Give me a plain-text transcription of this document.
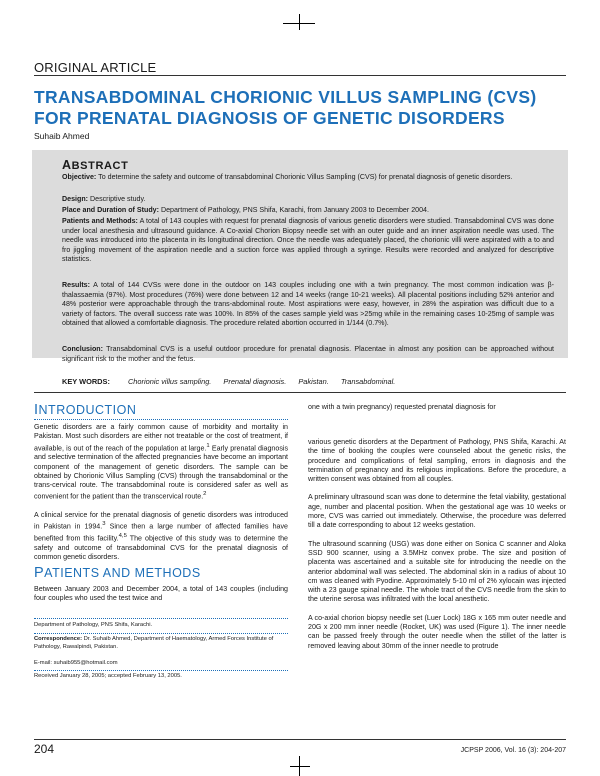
ORIGINAL ARTICLE
TRANSABDOMINAL CHORIONIC VILLUS SAMPLING (CVS)
FOR PRENATAL DIAGNOSIS OF GENETIC DISORDERS
Suhaib Ahmed
ABSTRACT
Objective: To determine the safety and outcome of transabdominal Chorionic Villus Sampling (CVS) for prenatal diagnosis of genetic disorders.
Design: Descriptive study.
Place and Duration of Study: Department of Pathology, PNS Shifa, Karachi, from January 2003 to December 2004.
Patients and Methods: A total of 143 couples with request for prenatal diagnosis of various genetic disorders were studied. Transabdominal CVS was done under local anesthesia and ultrasound guidance. A Co-axial Chorion Biopsy needle set with an outer guide and an inner aspiration needle was used. The needle was introduced into the placenta in its longitudinal direction. Once the needle was adequately placed, the chorionic villi were aspirated with a to and fro jiggling movement of the aspiration needle and a suction force was applied through a syringe. Results were recorded and analyzed for descriptive statistics.
Results: A total of 144 CVSs were done in the outdoor on 143 couples including one with a twin pregnancy. The most common indication was β-thalassaemia (97%). Most procedures (76%) were done between 12 and 14 weeks (range 10-21 weeks). All placental positions including 52% anterior and 48% posterior were approachable through the trans-abdominal route. Most aspirations were easy, however, in 28% the aspiration was difficult due to a variety of factors. The overall success rate was 100%. In 85% of the cases sample yield was >25mg while in the remaining cases 10-25mg of sample was obtained that allowed a comfortable diagnosis. The procedure related abortion occurred in 1/144 (0.7%).
Conclusion: Transabdominal CVS is a useful outdoor procedure for prenatal diagnosis. Placentae in almost any position can be approached without significant risk to the mother and the fetus.
KEY WORDS: Chorionic villus sampling. Prenatal diagnosis. Pakistan. Transabdominal.
INTRODUCTION

Genetic disorders are a fairly common cause of morbidity and mortality in Pakistan. Most such disorders are either not treatable or the cost of treatment, if available, is out of the reach of the population at large.$^1$ Early prenatal diagnosis and selective termination of the affected pregnancies have become an important component of the management of genetic disorders. The sample can be obtained by Chorionic Villus Sampling (CVS) through the transabdominal or the trans-cervical route. The transabdominal route is considered safer as well as convenient for the patient than the transcervical route.$^2$

A clinical service for the prenatal diagnosis of genetic disorders was introduced in Pakistan in 1994.$^3$ Since then a large number of affected families have benefited from this facility.$^{4,5}$ The objective of this study was to determine the safety and outcome of transabdominal CVS for the prenatal diagnosis of common genetic disorders.

PATIENTS AND METHODS

Between January 2003 and December 2004, a total of 143 couples (including four couples who used the test twice and

Department of Pathology, PNS Shifa, Karachi.
Correspondence: Dr. Suhaib Ahmed, Department of Haematology, Armed Forces Institute of Pathology, Rawalpindi, Pakistan.
E-mail: suhaib955@hotmail.com
Received January 28, 2005; accepted February 13, 2005.
one with a twin pregnancy) requested prenatal diagnosis for

various genetic disorders at the Department of Pathology, PNS Shifa, Karachi. At the time of booking the couples were counseled about the genetic risks, the procedure and complications of fetal sampling, errors in diagnosis and the termination of pregnancy and its religious implications. Before the procedure, a written consent was obtained from all couples.

A preliminary ultrasound scan was done to determine the fetal viability, gestational age, number and placental position. When the gestational age was 10 weeks or more, CVS was carried out immediately. Otherwise, the procedure was deferred till a date corresponding to about 12 weeks gestation.

The ultrasound scanning (USG) was done either on Sonica C scanner and Aloka SSD 900 scanner, using a 3.5MHz convex probe. The size and position of placenta was ascertained and a suitable site for introducing the needle on the anterior abdominal wall was selected. The abdominal skin in a radius of about 10 cm was cleaned with Pyodine. Approximately 5-10 ml of 2% xylocain was injected with a 23 gauge spinal needle. The whole tract of the CVS needle from the skin to the uterine serosa was infiltrated with the local anesthetic.

A co-axial chorion biopsy needle set (Luer Lock) 18G x 165 mm outer needle and 20G x 200 mm inner needle (Rocket, UK) was used (Figure 1). The inner needle can be passed freely through the outer needle when the stillet of the latter is removed leaving about 30mm of the inner needle to protrude

204	JCPSP 2006, Vol. 16 (3): 204-207
